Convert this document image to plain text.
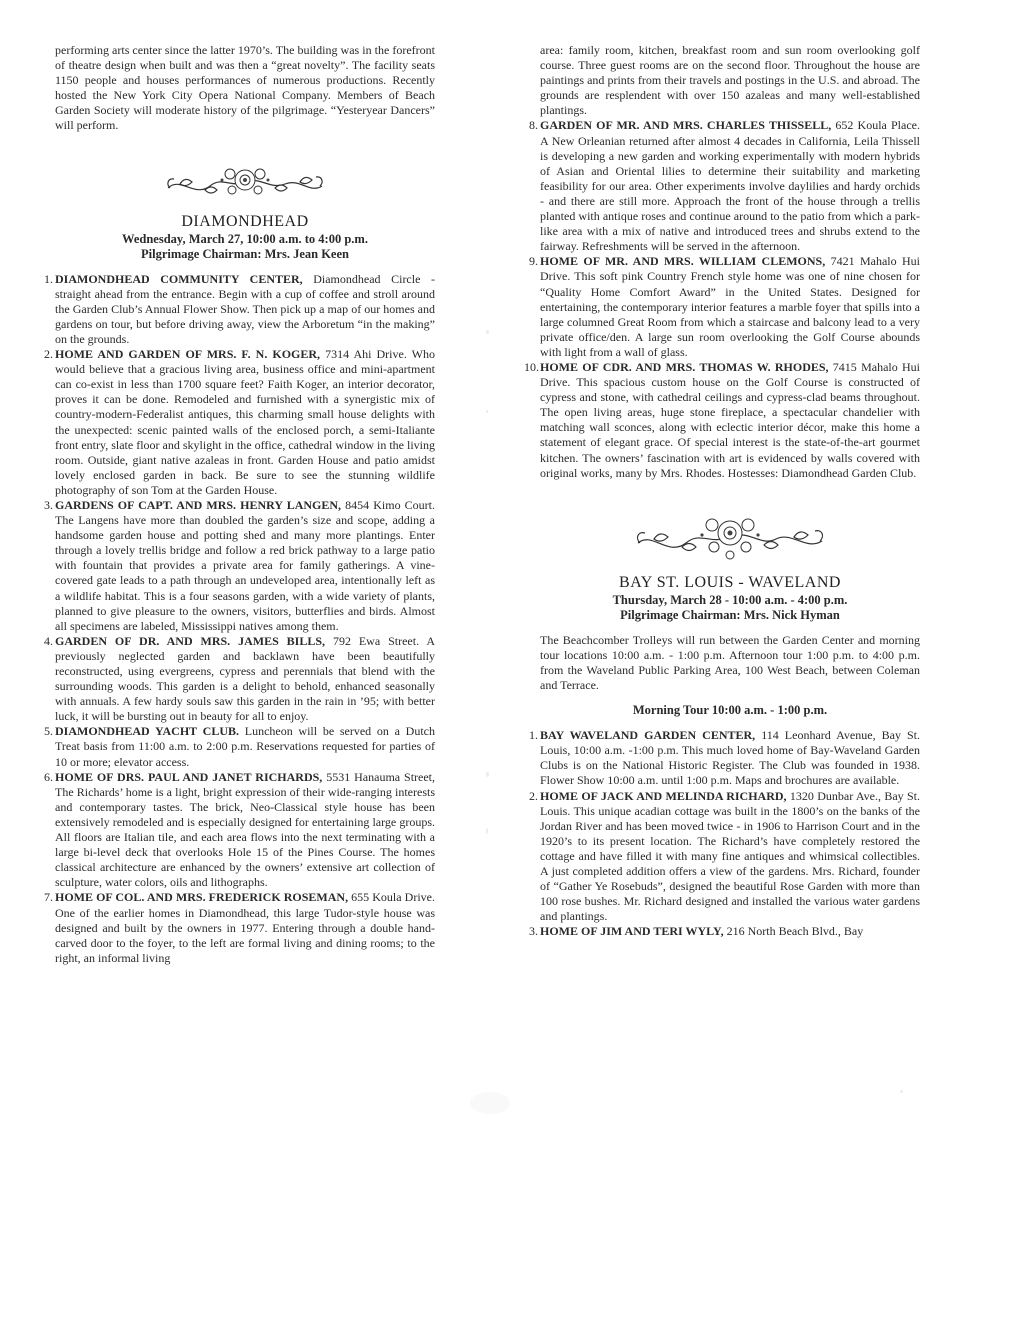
performing arts center since the latter 1970’s. The building was in the forefront of theatre design when built and was then a “great novelty”. The facility seats 1150 people and houses performances of numerous productions. Recently hosted the New York City Opera National Company. Members of Beach Garden Society will moderate history of the pilgrimage. “Yesteryear Dancers” will perform.

DIAMONDHEAD
Wednesday, March 27, 10:00 a.m. to 4:00 p.m.
Pilgrimage Chairman: Mrs. Jean Keen
1. DIAMONDHEAD COMMUNITY CENTER, Diamondhead Circle - straight ahead from the entrance. Begin with a cup of coffee and stroll around the Garden Club’s Annual Flower Show. Then pick up a map of our homes and gardens on tour, but before driving away, view the Arboretum “in the making” on the grounds.
2. HOME AND GARDEN OF MRS. F. N. KOGER, 7314 Ahi Drive. Who would believe that a gracious living area, business office and mini-apartment can co-exist in less than 1700 square feet? Faith Koger, an interior decorator, proves it can be done. Remodeled and furnished with a synergistic mix of country-modern-Federalist antiques, this charming small house delights with the unexpected: scenic painted walls of the enclosed porch, a semi-Italiante front entry, slate floor and skylight in the office, cathedral window in the living room. Outside, giant native azaleas in front. Garden House and patio amidst lovely enclosed garden in back. Be sure to see the stunning wildlife photography of son Tom at the Garden House.
3. GARDENS OF CAPT. AND MRS. HENRY LANGEN, 8454 Kimo Court. The Langens have more than doubled the garden’s size and scope, adding a handsome garden house and potting shed and many more plantings. Enter through a lovely trellis bridge and follow a red brick pathway to a large patio with fountain that provides a private area for family gatherings. A vine-covered gate leads to a path through an undeveloped area, intentionally left as a wildlife habitat. This is a four seasons garden, with a wide variety of plants, planned to give pleasure to the owners, visitors, butterflies and birds. Almost all specimens are labeled, Mississippi natives among them.
4. GARDEN OF DR. AND MRS. JAMES BILLS, 792 Ewa Street. A previously neglected garden and backlawn have been beautifully reconstructed, using evergreens, cypress and perennials that blend with the surrounding woods. This garden is a delight to behold, enhanced seasonally with annuals. A few hardy souls saw this garden in the rain in ’95; with better luck, it will be bursting out in beauty for all to enjoy.
5. DIAMONDHEAD YACHT CLUB. Luncheon will be served on a Dutch Treat basis from 11:00 a.m. to 2:00 p.m. Reservations requested for parties of 10 or more; elevator access.
6. HOME OF DRS. PAUL AND JANET RICHARDS, 5531 Hanauma Street, The Richards’ home is a light, bright expression of their wide-ranging interests and contemporary tastes. The brick, Neo-Classical style house has been extensively remodeled and is especially designed for entertaining large groups. All floors are Italian tile, and each area flows into the next terminating with a large bi-level deck that overlooks Hole 15 of the Pines Course. The homes classical architecture are enhanced by the owners’ extensive art collection of sculpture, water colors, oils and lithographs.
7. HOME OF COL. AND MRS. FREDERICK ROSEMAN, 655 Koula Drive. One of the earlier homes in Diamondhead, this large Tudor-style house was designed and built by the owners in 1977. Entering through a double hand-carved door to the foyer, to the left are formal living and dining rooms; to the right, an informal living

area: family room, kitchen, breakfast room and sun room overlooking golf course. Three guest rooms are on the second floor. Throughout the house are paintings and prints from their travels and postings in the U.S. and abroad. The grounds are resplendent with over 150 azaleas and many well-established plantings.

8. GARDEN OF MR. AND MRS. CHARLES THISSELL, 652 Koula Place. A New Orleanian returned after almost 4 decades in California, Leila Thissell is developing a new garden and working experimentally with modern hybrids of Asian and Oriental lilies to determine their suitability and marketing feasibility for our area. Other experiments involve daylilies and hardy orchids - and there are still more. Approach the front of the house through a trellis planted with antique roses and continue around to the patio from which a park-like area with a mix of native and introduced trees and shrubs extend to the fairway. Refreshments will be served in the afternoon.
9. HOME OF MR. AND MRS. WILLIAM CLEMONS, 7421 Mahalo Hui Drive. This soft pink Country French style home was one of nine chosen for “Quality Home Comfort Award” in the United States. Designed for entertaining, the contemporary interior features a marble foyer that spills into a large columned Great Room from which a staircase and balcony lead to a very private office/den. A large sun room overlooking the Golf Course abounds with light from a wall of glass.
10.HOME OF CDR. AND MRS. THOMAS W. RHODES, 7415 Mahalo Hui Drive. This spacious custom house on the Golf Course is constructed of cypress and stone, with cathedral ceilings and cypress-clad beams throughout. The open living areas, huge stone fireplace, a spectacular chandelier with matching wall sconces, along with eclectic interior décor, make this home a statement of elegant grace. Of special interest is the state-of-the-art gourmet kitchen. The owners’ fascination with art is evidenced by walls covered with original works, many by Mrs. Rhodes. Hostesses: Diamondhead Garden Club.
BAY ST. LOUIS - WAVELAND
Thursday, March 28 - 10:00 a.m. - 4:00 p.m.
Pilgrimage Chairman: Mrs. Nick Hyman

The Beachcomber Trolleys will run between the Garden Center and morning tour locations 10:00 a.m. - 1:00 p.m. Afternoon tour 1:00 p.m. to 4:00 p.m. from the Waveland Public Parking Area, 100 West Beach, between Coleman and Terrace.

Morning Tour 10:00 a.m. - 1:00 p.m.
1. BAY WAVELAND GARDEN CENTER, 114 Leonhard Avenue, Bay St. Louis, 10:00 a.m. -1:00 p.m. This much loved home of Bay-Waveland Garden Clubs is on the National Historic Register. The Club was founded in 1938. Flower Show 10:00 a.m. until 1:00 p.m. Maps and brochures are available.
2. HOME OF JACK AND MELINDA RICHARD, 1320 Dunbar Ave., Bay St. Louis. This unique acadian cottage was built in the 1800’s on the banks of the Jordan River and has been moved twice - in 1906 to Harrison Court and in the 1920’s to its present location. The Richard’s have completely restored the cottage and have filled it with many fine antiques and whimsical collectibles. A just completed addition offers a view of the gardens. Mrs. Richard, founder of “Gather Ye Rosebuds”, designed the beautiful Rose Garden with more than 100 rose bushes. Mr. Richard designed and installed the various water gardens and plantings.
3. HOME OF JIM AND TERI WYLY, 216 North Beach Blvd., Bay
